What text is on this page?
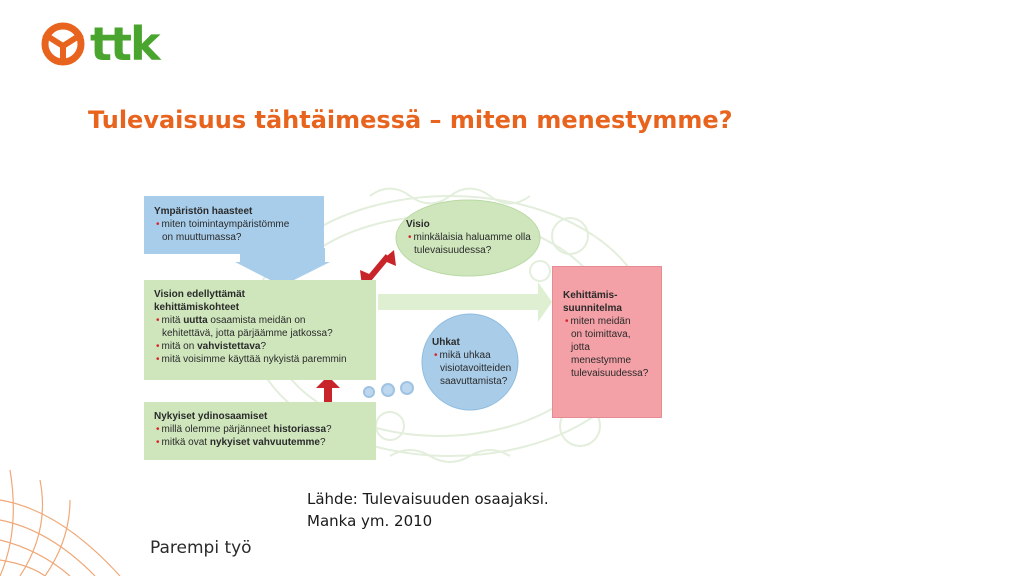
ttk
Tulevaisuus tähtäimessä – miten menestymme?
Ympäristön haasteet
• miten toimintaympäristömme
on muuttumassa?
Vision edellyttämät
kehittämiskohteet
• mitä uutta osaamista meidän on
kehitettävä, jotta pärjäämme jatkossa?
• mitä on vahvistettava?
• mitä voisimme käyttää nykyistä paremmin
Nykyiset ydinosaamiset
• millä olemme pärjänneet historiassa?
• mitkä ovat nykyiset vahvuutemme?
Visio
• minkälaisia haluamme olla
tulevaisuudessa?
Uhkat
• mikä uhkaa
visiotavoitteiden
saavuttamista?
Kehittämis-
suunnitelma
• miten meidän
on toimittava,
jotta
menestymme
tulevaisuudessa?
Lähde: Tulevaisuuden osaajaksi.
Manka ym. 2010
Parempi työ
